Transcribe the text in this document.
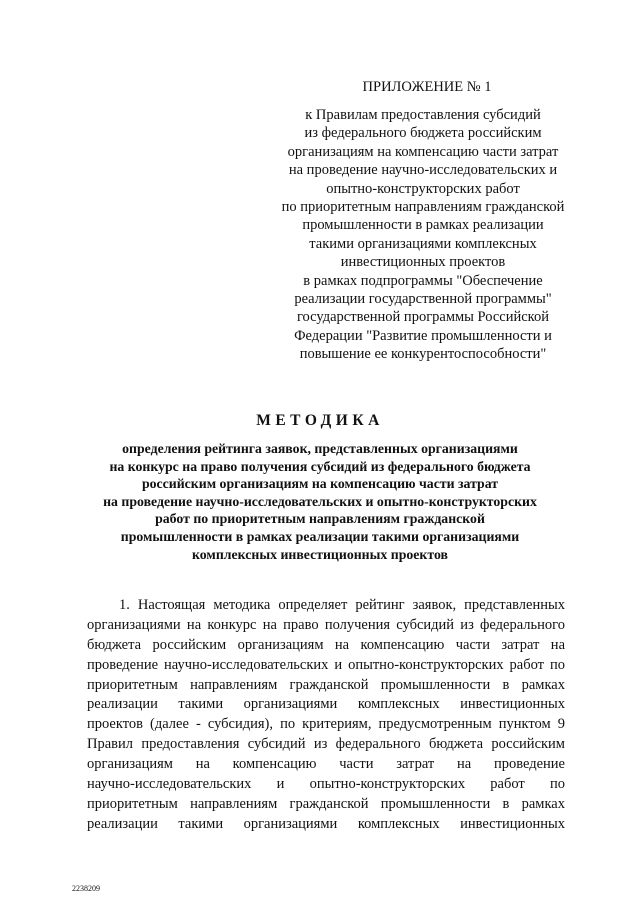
ПРИЛОЖЕНИЕ № 1
к Правилам предоставления субсидий
из федерального бюджета российским
организациям на компенсацию части затрат
на проведение научно-исследовательских и
опытно-конструкторских работ
по приоритетным направлениям гражданской
промышленности в рамках реализации
такими организациями комплексных
инвестиционных проектов
в рамках подпрограммы "Обеспечение
реализации государственной программы"
государственной программы Российской
Федерации "Развитие промышленности и
повышение ее конкурентоспособности"
МЕТОДИКА
определения рейтинга заявок, представленных организациями
на конкурс на право получения субсидий из федерального бюджета
российским организациям на компенсацию части затрат
на проведение научно-исследовательских и опытно-конструкторских
работ по приоритетным направлениям гражданской
промышленности в рамках реализации такими организациями
комплексных инвестиционных проектов
1. Настоящая методика определяет рейтинг заявок, представленных
организациями на конкурс на право получения субсидий из федерального
бюджета российским организациям на компенсацию части затрат на
проведение научно-исследовательских и опытно-конструкторских работ по
приоритетным направлениям гражданской промышленности в рамках
реализации такими организациями комплексных инвестиционных
проектов (далее - субсидия), по критериям, предусмотренным пунктом 9
Правил предоставления субсидий из федерального бюджета российским
организациям на компенсацию части затрат на проведение
научно-исследовательских и опытно-конструкторских работ по
приоритетным направлениям гражданской промышленности в рамках
реализации такими организациями комплексных инвестиционных
2238209
